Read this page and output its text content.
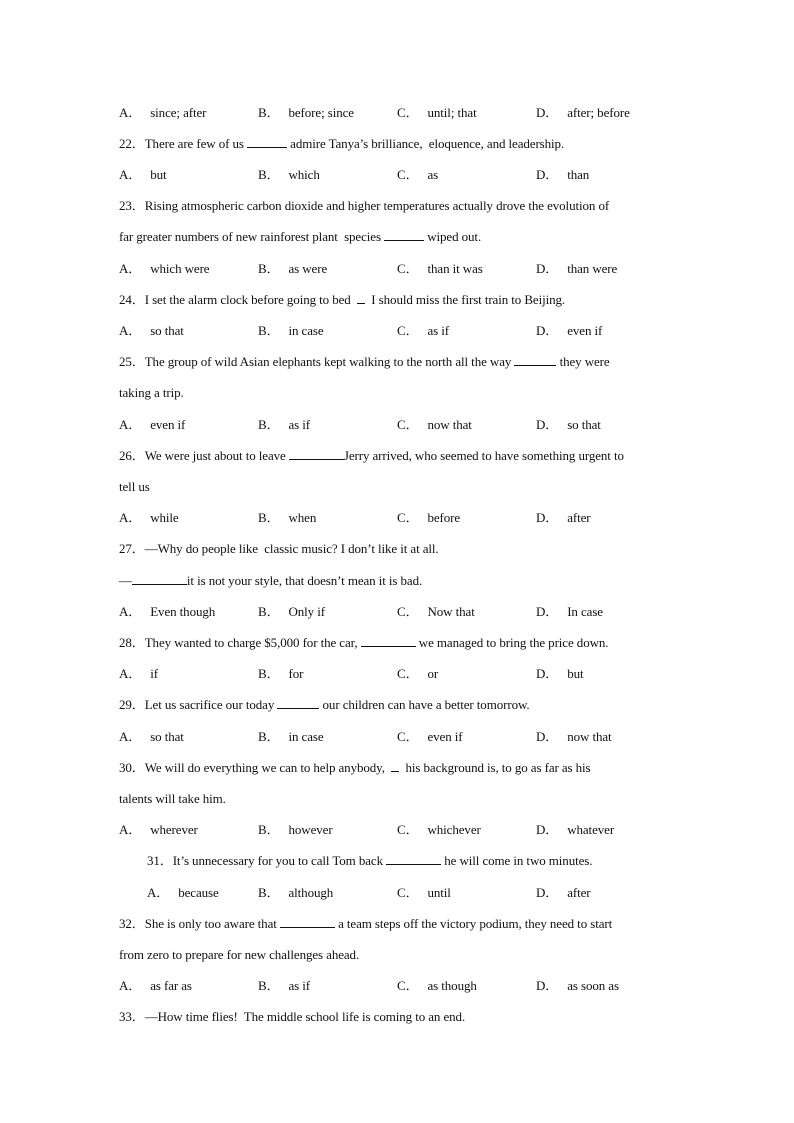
A． since; after	B． before; since	C． until; that	D． after; before
22．There are few of us	admire Tanya’s brilliance,  eloquence, and leadership.
A． but	B． which	C． as	D． than
23．Rising atmospheric carbon dioxide and higher temperatures actually drove the evolution of
far greater numbers of new rainforest plant  species	wiped out.
A． which were	B． as were	C． than it was	D． than were
24．I set the alarm clock before going to bed    I should miss the first train to Beijing.
A． so that	B． in case	C． as if	D． even if
25．The group of wild Asian elephants kept walking to the north all the way	they were
taking a trip.
A． even if	B． as if	C． now that	D． so that
26．We were just about to leave	Jerry arrived, who seemed to have something urgent to
tell us
A． while	B． when	C． before	D． after
27．—Why do people like  classic music? I don’t like it at all.
—	it is not your style, that doesn’t mean it is bad.
A． Even though	B． Only if	C． Now that	D． In case
28．They wanted to charge $5,000 for the car,	we managed to bring the price down.
A． if	B． for	C． or	D． but
29．Let us sacrifice our today	our children can have a better tomorrow.
A． so that	B． in case	C． even if	D． now that
30．We will do everything we can to help anybody,    his background is, to go as far as his
talents will take him.
A． wherever	B． however	C． whichever	D． whatever
31．It’s unnecessary for you to call Tom back	he will come in two minutes.
A． because	B． although	C． until	D． after
32．She is only too aware that	a team steps off the victory podium, they need to start
from zero to prepare for new challenges ahead.
A． as far as	B． as if	C． as though	D． as soon as
33．—How time flies!  The middle school life is coming to an end.
